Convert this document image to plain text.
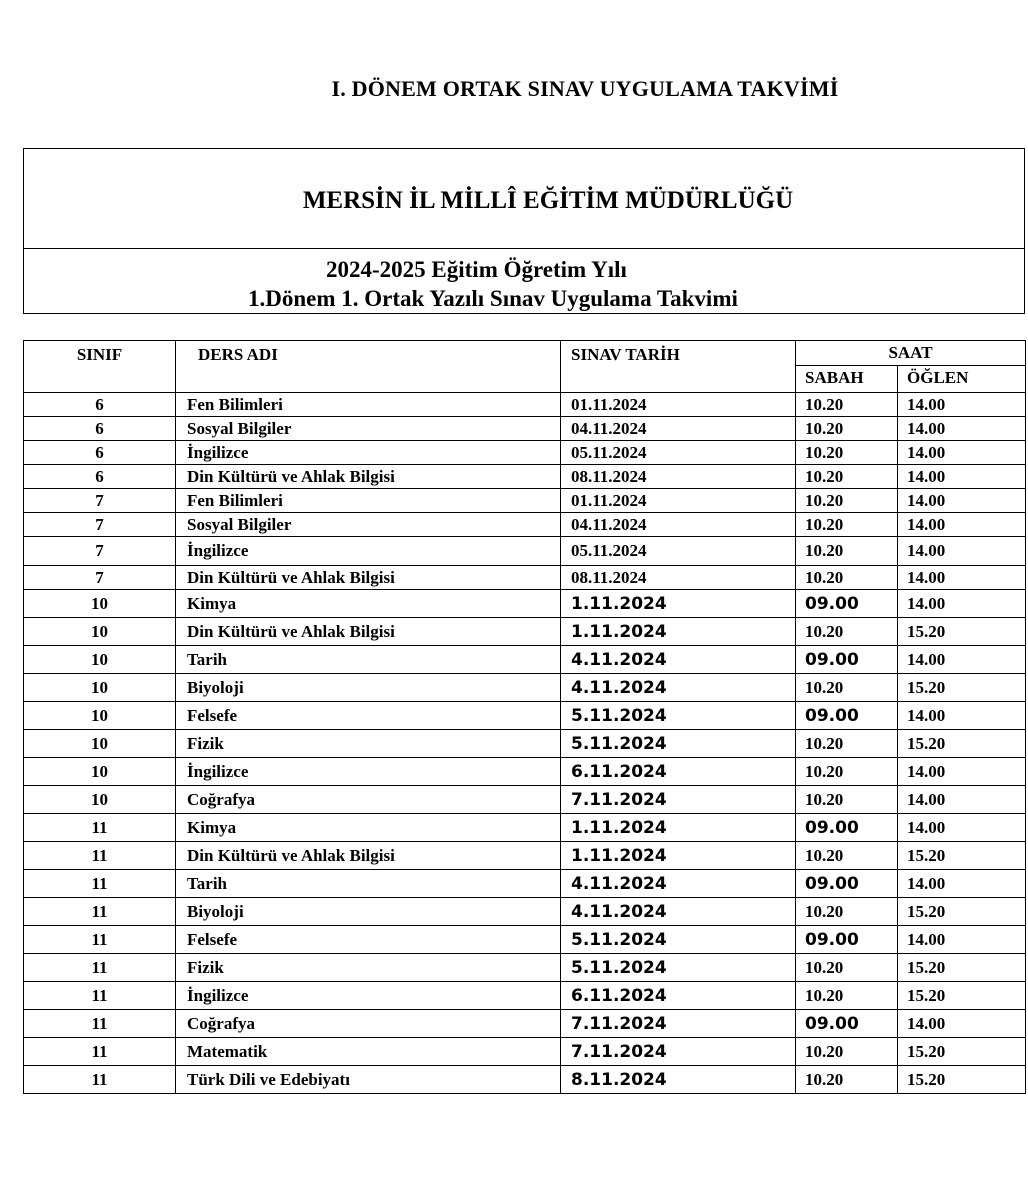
I. DÖNEM ORTAK SINAV UYGULAMA TAKVİMİ
MERSİN İL MİLLÎ EĞİTİM MÜDÜRLÜĞÜ
2024-2025 Eğitim Öğretim Yılı
1.Dönem 1. Ortak Yazılı Sınav Uygulama Takvimi
SINIF	DERS ADI	SINAV TARİH	SAAT	
			SABAH	ÖĞLEN
6	Fen Bilimleri	01.11.2024	10.20	14.00
6	Sosyal Bilgiler	04.11.2024	10.20	14.00
6	İngilizce	05.11.2024	10.20	14.00
6	Din Kültürü ve Ahlak Bilgisi	08.11.2024	10.20	14.00
7	Fen Bilimleri	01.11.2024	10.20	14.00
7	Sosyal Bilgiler	04.11.2024	10.20	14.00
7	İngilizce	05.11.2024	10.20	14.00
7	Din Kültürü ve Ahlak Bilgisi	08.11.2024	10.20	14.00
10	Kimya	1.11.2024	09.00	14.00
10	Din Kültürü ve Ahlak Bilgisi	1.11.2024	10.20	15.20
10	Tarih	4.11.2024	09.00	14.00
10	Biyoloji	4.11.2024	10.20	15.20
10	Felsefe	5.11.2024	09.00	14.00
10	Fizik	5.11.2024	10.20	15.20
10	İngilizce	6.11.2024	10.20	14.00
10	Coğrafya	7.11.2024	10.20	14.00
11	Kimya	1.11.2024	09.00	14.00
11	Din Kültürü ve Ahlak Bilgisi	1.11.2024	10.20	15.20
11	Tarih	4.11.2024	09.00	14.00
11	Biyoloji	4.11.2024	10.20	15.20
11	Felsefe	5.11.2024	09.00	14.00
11	Fizik	5.11.2024	10.20	15.20
11	İngilizce	6.11.2024	10.20	15.20
11	Coğrafya	7.11.2024	09.00	14.00
11	Matematik	7.11.2024	10.20	15.20
11	Türk Dili ve Edebiyatı	8.11.2024	10.20	15.20
